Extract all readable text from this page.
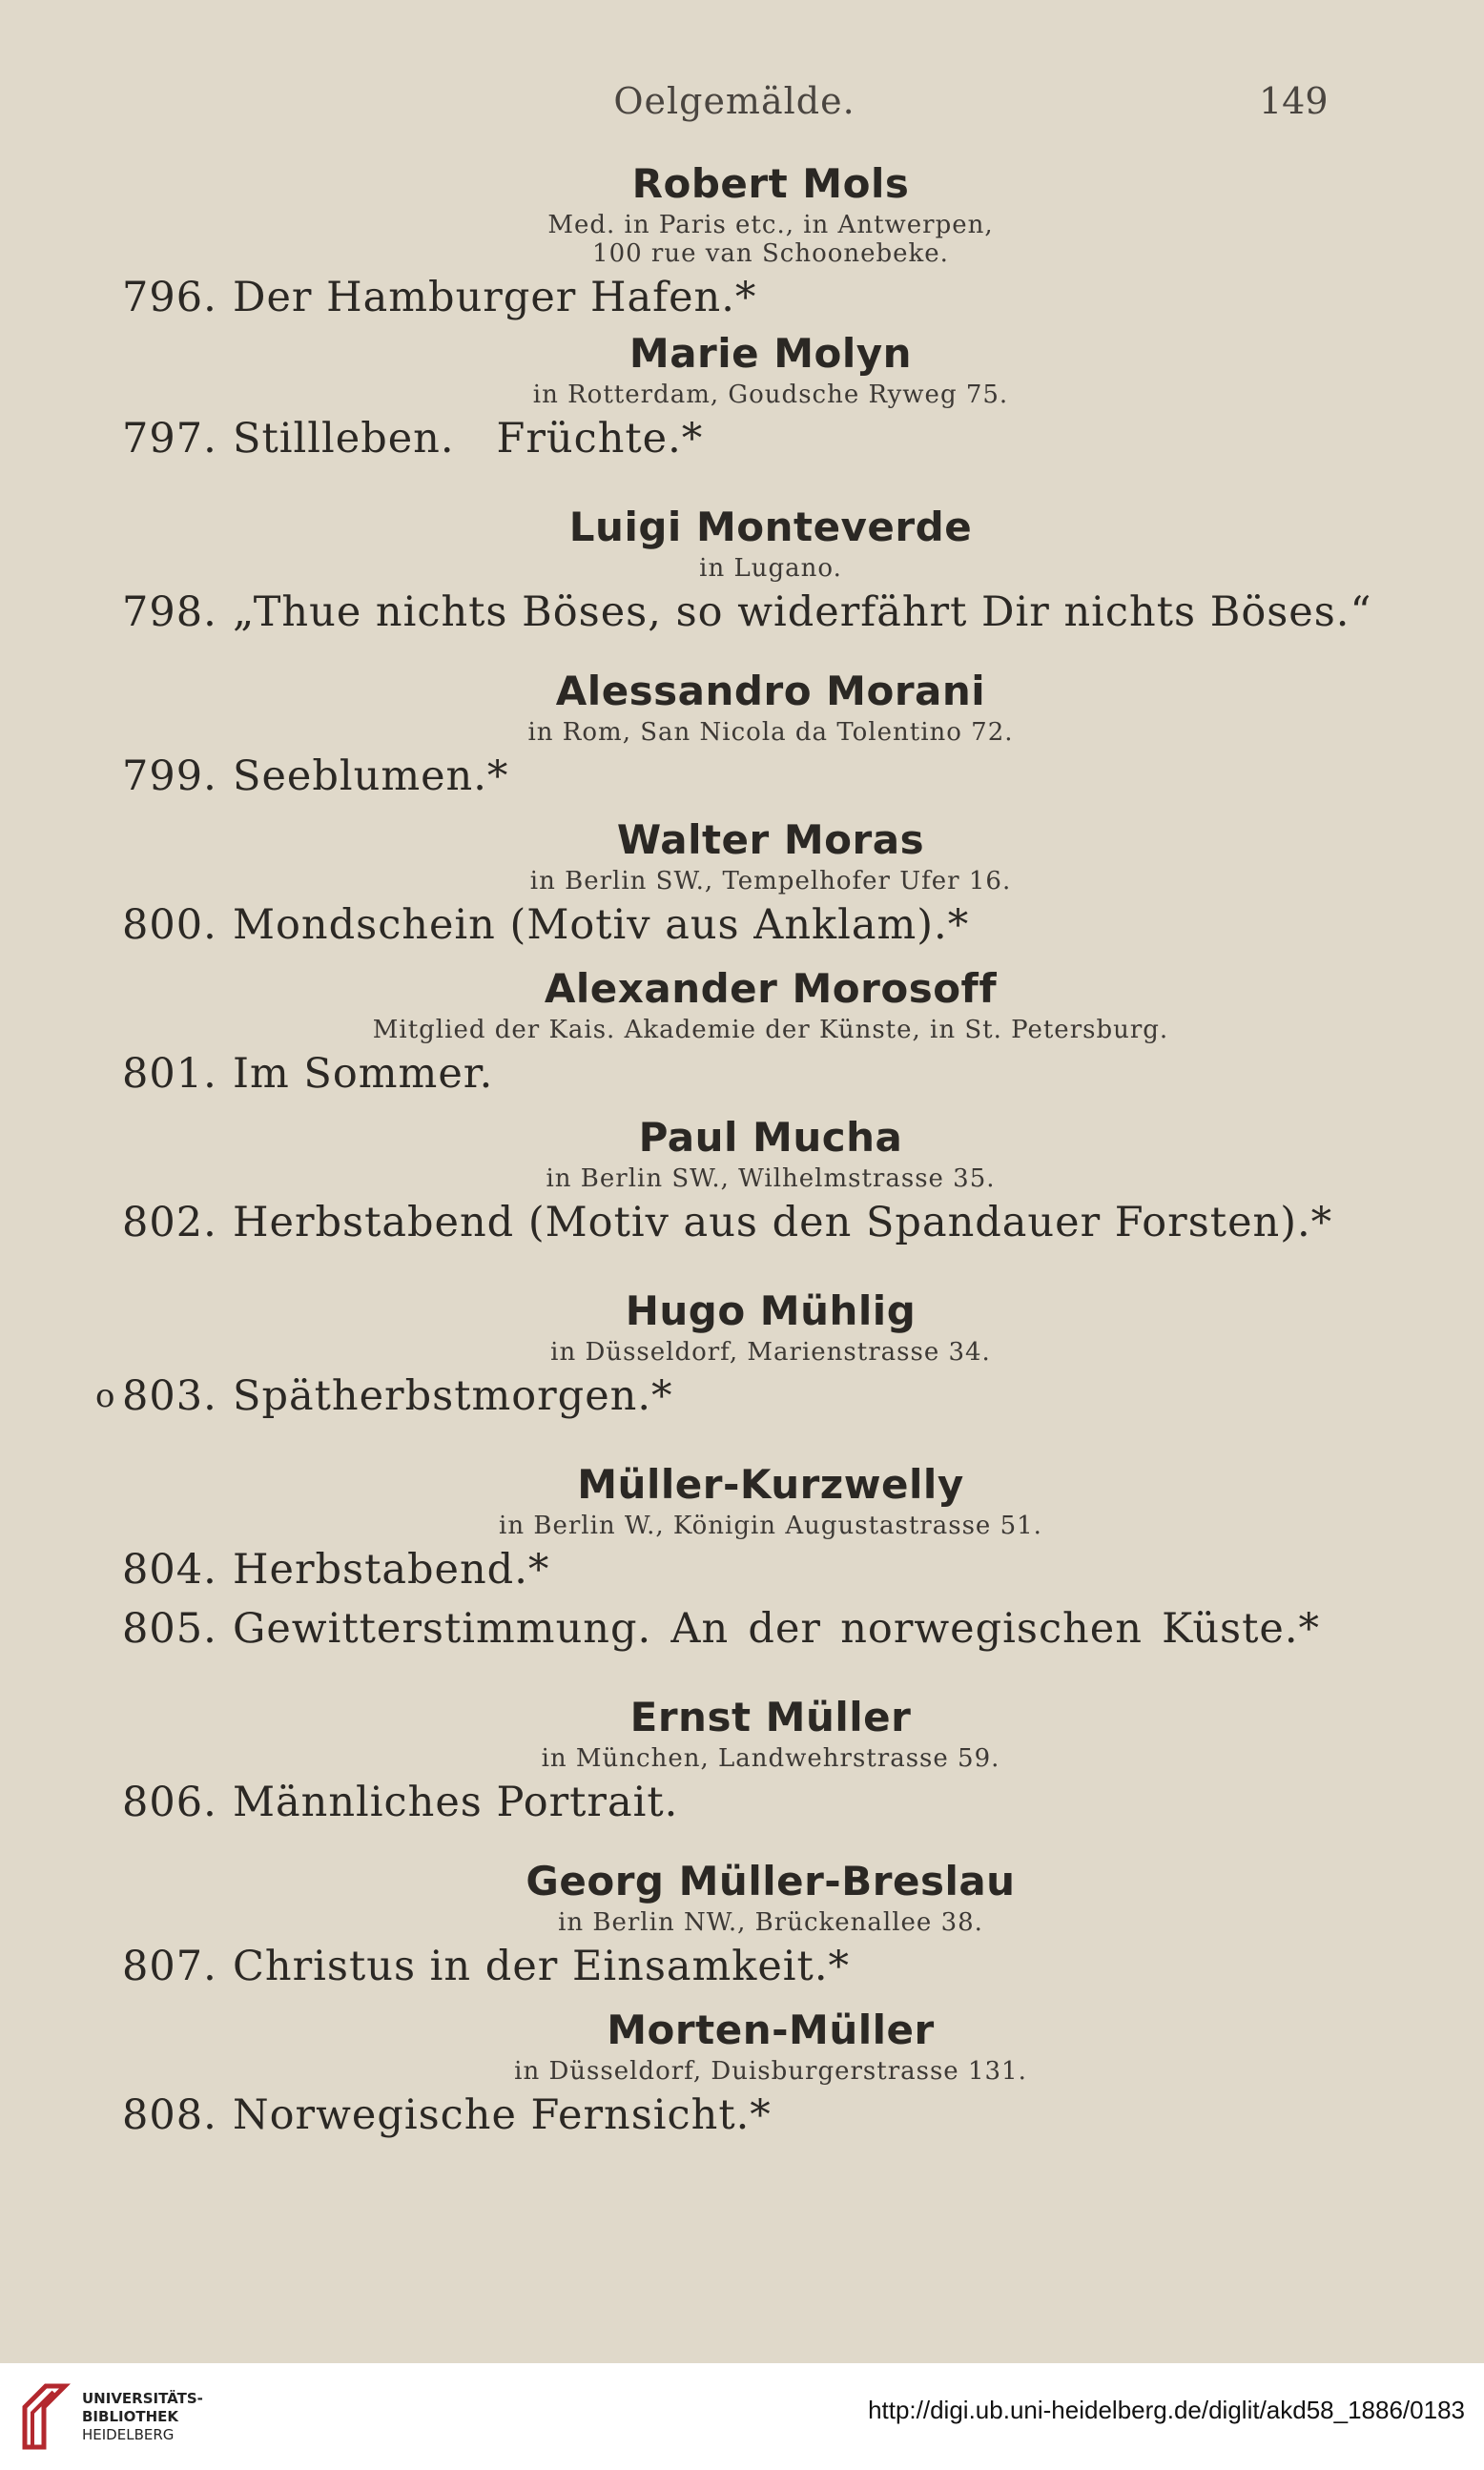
Oelgemälde.	149
Robert Mols
Med. in Paris etc., in Antwerpen,
100 rue van Schoonebeke.
796. Der Hamburger Hafen.*
Marie Molyn
in Rotterdam, Goudsche Ryweg 75.
797. Stillleben.   Früchte.*
Luigi Monteverde
in Lugano.
798. „Thue nichts Böses, so widerfährt Dir nichts Böses.“
Alessandro Morani
in Rom, San Nicola da Tolentino 72.
799. Seeblumen.*
Walter Moras
in Berlin SW., Tempelhofer Ufer 16.
800. Mondschein (Motiv aus Anklam).*
Alexander Morosoff
Mitglied der Kais. Akademie der Künste, in St. Petersburg.
801. Im Sommer.
Paul Mucha
in Berlin SW., Wilhelmstrasse 35.
802. Herbstabend (Motiv aus den Spandauer Forsten).*
Hugo Mühlig
in Düsseldorf, Marienstrasse 34.
o 803. Spätherbstmorgen.*
Müller-Kurzwelly
in Berlin W., Königin Augustastrasse 51.
804. Herbstabend.*
805. Gewitterstimmung. An der norwegischen Küste.*
Ernst Müller
in München, Landwehrstrasse 59.
806. Männliches Portrait.
Georg Müller-Breslau
in Berlin NW., Brückenallee 38.
807. Christus in der Einsamkeit.*
Morten-Müller
in Düsseldorf, Duisburgerstrasse 131.
808. Norwegische Fernsicht.*
UNIVERSITÄTS-
BIBLIOTHEK
HEIDELBERG
http://digi.ub.uni-heidelberg.de/diglit/akd58_1886/0183
